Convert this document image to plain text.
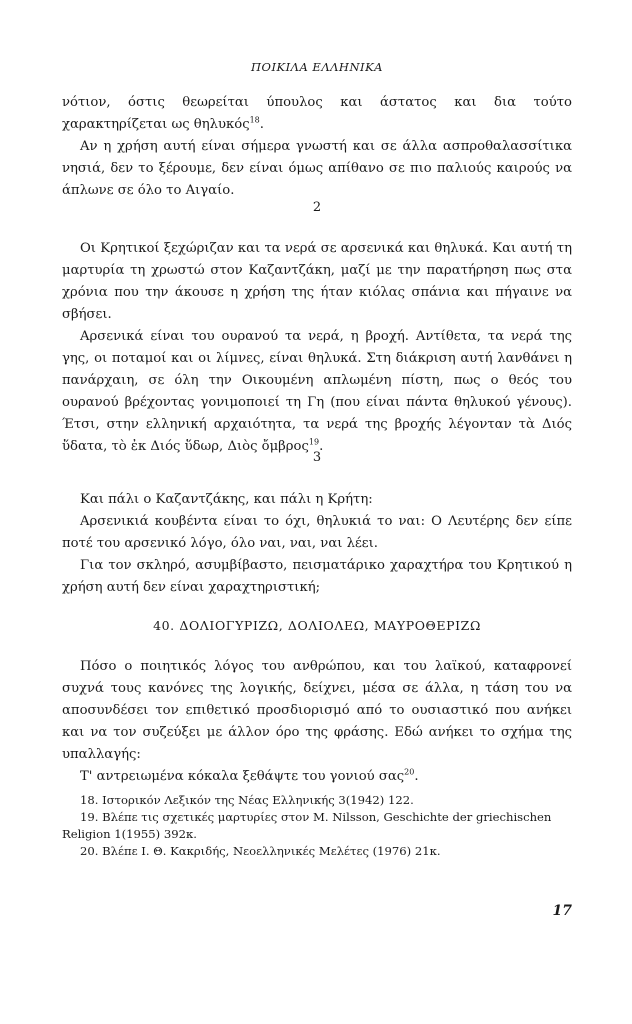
ΠΟΙΚΙΛΑ ΕΛΛΗΝΙΚΑ

νότιον, όστις θεωρείται ύπουλος και άστατος και δια τούτο χαρακτηρίζεται ως θηλυκός$^{18}$.

Αν η χρήση αυτή είναι σήμερα γνωστή και σε άλλα ασπροθαλασσίτικα νησιά, δεν το ξέρουμε, δεν είναι όμως απίθανο σε πιο παλιούς καιρούς να άπλωνε σε όλο το Αιγαίο.

2

Οι Κρητικοί ξεχώριζαν και τα νερά σε αρσενικά και θηλυκά. Και αυτή τη μαρτυρία τη χρωστώ στον Καζαντζάκη, μαζί με την παρατήρηση πως στα χρόνια που την άκουσε η χρήση της ήταν κιόλας σπάνια και πήγαινε να σβήσει.

Αρσενικά είναι του ουρανού τα νερά, η βροχή. Αντίθετα, τα νερά της γης, οι ποταμοί και οι λίμνες, είναι θηλυκά. Στη διάκριση αυτή λανθάνει η πανάρχαιη, σε όλη την Οικουμένη απλωμένη πίστη, πως ο θεός του ουρανού βρέχοντας γονιμοποιεί τη Γη (που είναι πάντα θηλυκού γένους). Έτσι, στην ελληνική αρχαιότητα, τα νερά της βροχής λέγονταν τὰ Διός ὕδατα, τὸ ἐκ Διός ὕδωρ, Διὸς ὄμβρος$^{19}$.

3

Και πάλι ο Καζαντζάκης, και πάλι η Κρήτη:

Αρσενικιά κουβέντα είναι το όχι, θηλυκιά το ναι: Ο Λευτέρης δεν είπε ποτέ του αρσενικό λόγο, όλο ναι, ναι, ναι λέει.

Για τον σκληρό, ασυμβίβαστο, πεισματάρικο χαραχτήρα του Κρητικού η χρήση αυτή δεν είναι χαραχτηριστική;

40. ΔΟΛΙΟΓΥΡΙΖΩ, ΔΟΛΙΟΛΕΩ, ΜΑΥΡΟΘΕΡΙΖΩ

Πόσο ο ποιητικός λόγος του ανθρώπου, και του λαϊκού, καταφρονεί συχνά τους κανόνες της λογικής, δείχνει, μέσα σε άλλα, η τάση του να αποσυνδέσει τον επιθετικό προσδιορισμό από το ουσιαστικό που ανήκει και να τον συζεύξει με άλλον όρο της φράσης. Εδώ ανήκει το σχήμα της υπαλλαγής:

Τ' αντρειωμένα κόκαλα ξεθάψτε του γονιού σας$^{20}$.

18. Ιστορικόν Λεξικόν της Νέας Ελληνικής 3(1942) 122.

19. Βλέπε τις σχετικές μαρτυρίες στον M. Nilsson, Geschichte der griechischen Religion 1(1955) 392κ.

20. Βλέπε Ι. Θ. Κακριδής, Νεοελληνικές Μελέτες (1976) 21κ.

17
